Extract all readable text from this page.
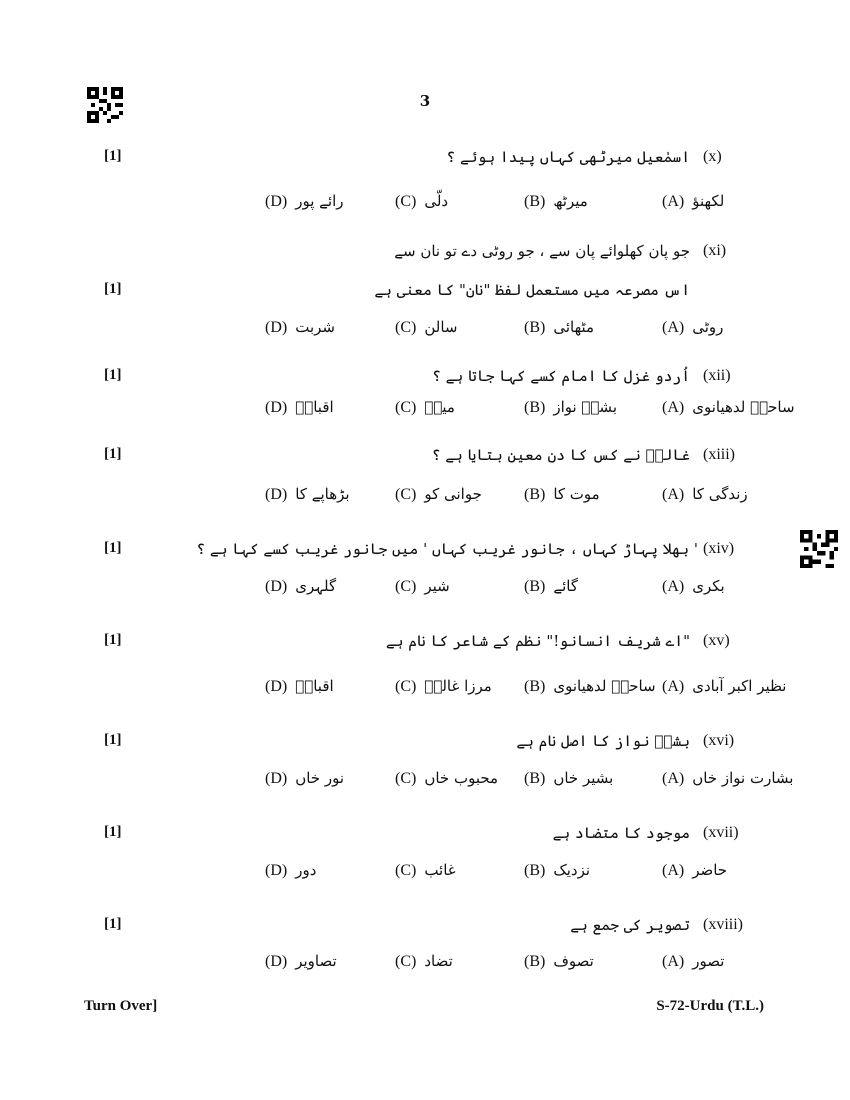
3
[1]	(x)
اسمٰعیل میرٹھی کہاں پیدا ہوئے ؟
(A) لکھنؤ
(B) میرٹھ
(C) دلّی
(D) رائے پور
(xi)
جو پان کھلوائے پان سے ، جو روٹی دے تو نان سے
[1]	اس مصرعہ میں مستعمل لفظ "نان" کا معنی ہے
(A) روٹی
(B) مٹھائی
(C) سالن
(D) شربت
[1]	(xii)
اُردو غزل کا امام کسے کہا جاتا ہے ؟
(A) ساحرؔ لدھیانوی
(B) بشرؔ نواز
(C) میرؔ
(D) اقبالؔ
[1]	(xiii)
غالبؔ نے کس کا دن معین بتایا ہے ؟
(A) زندگی کا
(B) موت کا
(C) جوانی کو
(D) بڑھاپے کا
[1]	(xiv)
' بھلا پہاڑ کہاں ، جانور غریب کہاں ' میں جانور غریب کسے کہا ہے ؟
(A) بکری
(B) گائے
(C) شیر
(D) گلہری
[1]	(xv)
"اے شریف انسانو!" نظم کے شاعر کا نام ہے
(A) نظیر اکبر آبادی
(B) ساحرؔ لدھیانوی
(C) مرزا غالبؔ
(D) اقبالؔ
[1]	(xvi)
بشرؔ نواز کا اصل نام ہے
(A) بشارت نواز خاں
(B) بشیر خاں
(C) محبوب خاں
(D) نور خاں
[1]	(xvii)
موجود کا متضاد ہے
(A) حاضر
(B) نزدیک
(C) غائب
(D) دور
[1]	(xviii)
تصویر کی جمع ہے
(A) تصور
(B) تصوف
(C) تضاد
(D) تصاویر
Turn Over]	S-72-Urdu (T.L.)
